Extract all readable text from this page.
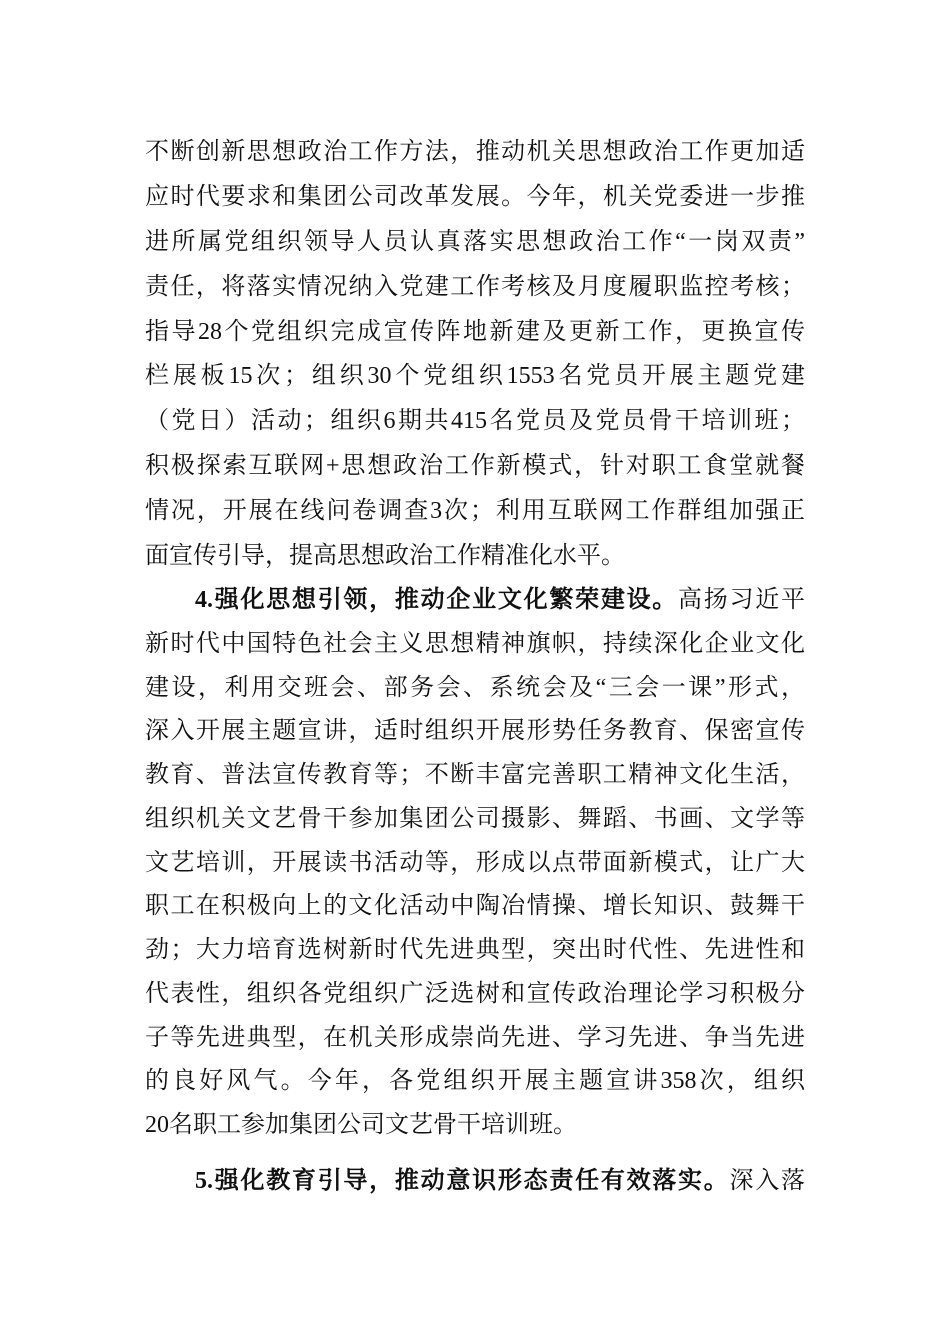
不断创新思想政治工作方法，推动机关思想政治工作更加适
应时代要求和集团公司改革发展。今年，机关党委进一步推
进所属党组织领导人员认真落实思想政治工作“一岗双责”
责任，将落实情况纳入党建工作考核及月度履职监控考核；
指导28个党组织完成宣传阵地新建及更新工作，更换宣传
栏展板15次；组织30个党组织1553名党员开展主题党建
（党日）活动；组织6期共415名党员及党员骨干培训班；
积极探索互联网+思想政治工作新模式，针对职工食堂就餐
情况，开展在线问卷调查3次；利用互联网工作群组加强正
面宣传引导，提高思想政治工作精准化水平。
4.强化思想引领，推动企业文化繁荣建设。高扬习近平
新时代中国特色社会主义思想精神旗帜，持续深化企业文化
建设，利用交班会、部务会、系统会及“三会一课”形式，
深入开展主题宣讲，适时组织开展形势任务教育、保密宣传
教育、普法宣传教育等；不断丰富完善职工精神文化生活，
组织机关文艺骨干参加集团公司摄影、舞蹈、书画、文学等
文艺培训，开展读书活动等，形成以点带面新模式，让广大
职工在积极向上的文化活动中陶冶情操、增长知识、鼓舞干
劲；大力培育选树新时代先进典型，突出时代性、先进性和
代表性，组织各党组织广泛选树和宣传政治理论学习积极分
子等先进典型，在机关形成崇尚先进、学习先进、争当先进
的良好风气。今年，各党组织开展主题宣讲358次，组织
20名职工参加集团公司文艺骨干培训班。
5.强化教育引导，推动意识形态责任有效落实。深入落
